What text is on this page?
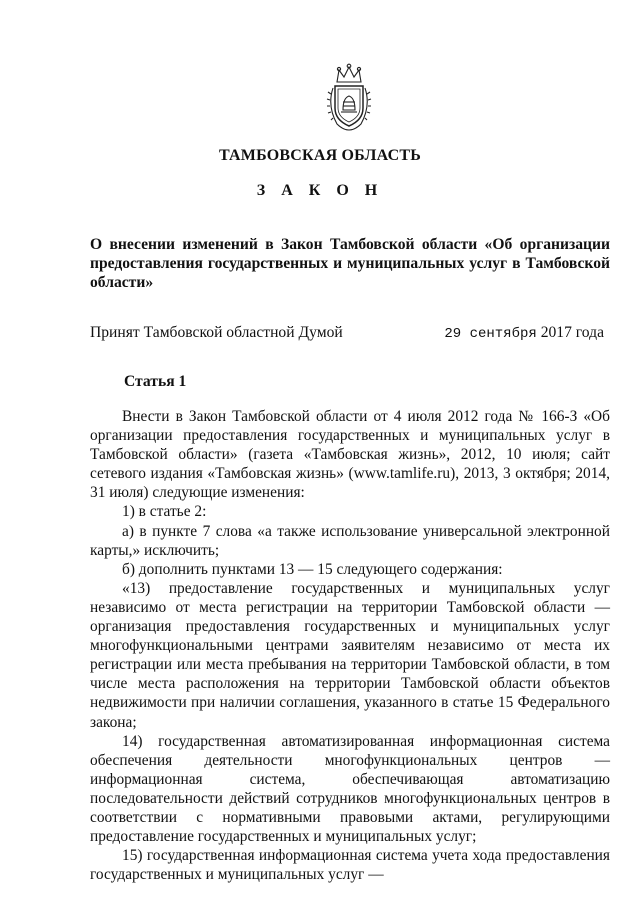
ТАМБОВСКАЯ ОБЛАСТЬ
З А К О Н
О внесении изменений в Закон Тамбовской области «Об организации предоставления государственных и муниципальных услуг в Тамбовской области»
Принят Тамбовской областной Думой	29 сентября 2017 года
Статья 1

Внести в Закон Тамбовской области от 4 июля 2012 года № 166-З «Об организации предоставления государственных и муниципальных услуг в Тамбовской области» (газета «Тамбовская жизнь», 2012, 10 июля; сайт сетевого издания «Тамбовская жизнь» (www.tamlife.ru), 2013, 3 октября; 2014, 31 июля) следующие изменения:

1) в статье 2:

а) в пункте 7 слова «а также использование универсальной электронной карты,» исключить;

б) дополнить пунктами 13 — 15 следующего содержания:

«13) предоставление государственных и муниципальных услуг независимо от места регистрации на территории Тамбовской области — организация предоставления государственных и муниципальных услуг многофункциональными центрами заявителям независимо от места их регистрации или места пребывания на территории Тамбовской области, в том числе места расположения на территории Тамбовской области объектов недвижимости при наличии соглашения, указанного в статье 15 Федерального закона;

14) государственная автоматизированная информационная система обеспечения деятельности многофункциональных центров — информационная система, обеспечивающая автоматизацию последовательности действий сотрудников многофункциональных центров в соответствии с нормативными правовыми актами, регулирующими предоставление государственных и муниципальных услуг;

15) государственная информационная система учета хода предоставления государственных и муниципальных услуг —
